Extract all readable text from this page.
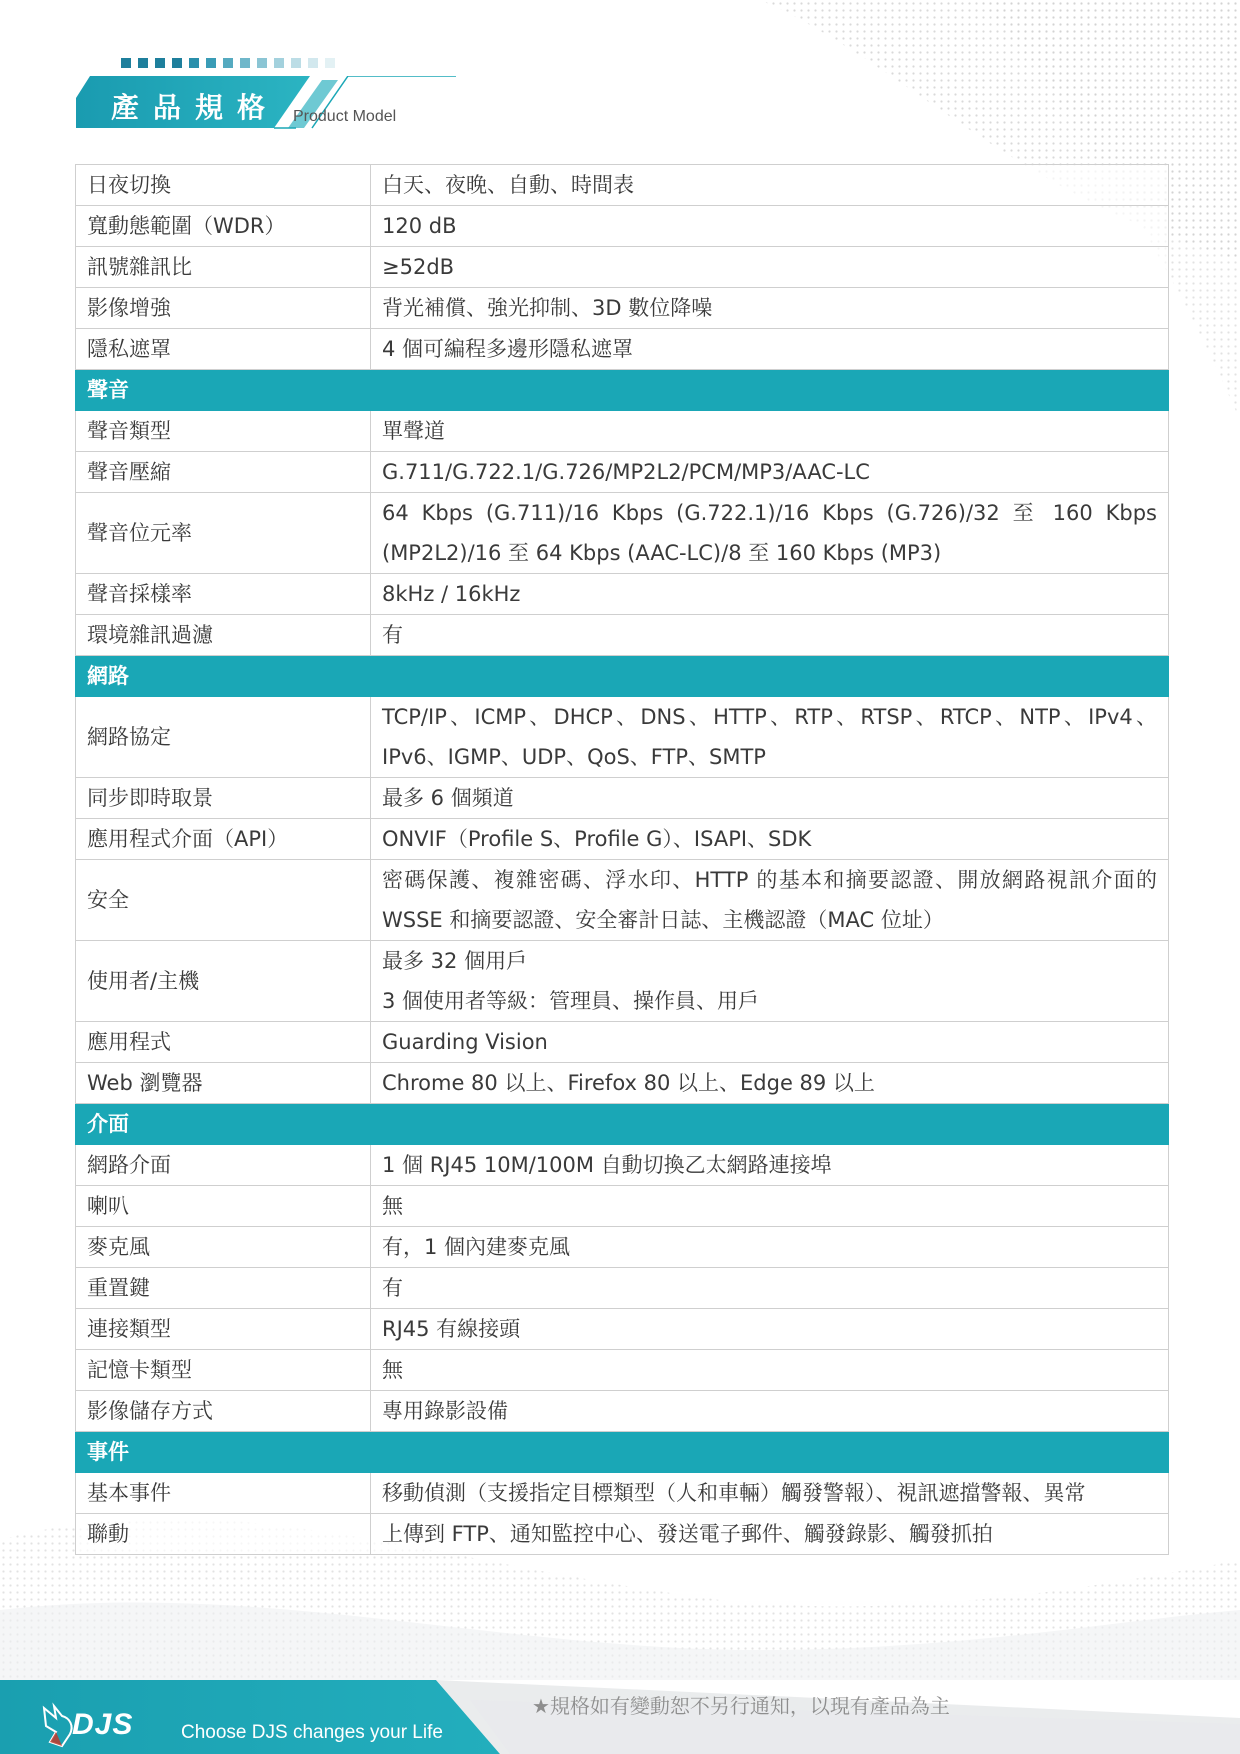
產品規格 Product Model
日夜切換	白天、夜晚、自動、時間表

寬動態範圍（WDR）	120 dB

訊號雜訊比	≥52dB

影像增強	背光補償、強光抑制、3D 數位降噪

隱私遮罩	4 個可編程多邊形隱私遮罩

聲音	
聲音類型	單聲道

聲音壓縮	G.711/G.722.1/G.726/MP2L2/PCM/MP3/AAC-LC

聲音位元率	64 Kbps (G.711)/16 Kbps (G.722.1)/16 Kbps (G.726)/32 至 160 Kbps (MP2L2)/16 至 64 Kbps (AAC-LC)/8 至 160 Kbps (MP3)

聲音採樣率	8kHz / 16kHz

環境雜訊過濾	有

網路	
網路協定	TCP/IP、ICMP、DHCP、DNS、HTTP、RTP、RTSP、RTCP、NTP、IPv4、IPv6、IGMP、UDP、QoS、FTP、SMTP

同步即時取景	最多 6 個頻道

應用程式介面（API）	ONVIF（Profile S、Profile G）、ISAPI、SDK

安全	密碼保護、複雜密碼、浮水印、HTTP 的基本和摘要認證、開放網路視訊介面的 WSSE 和摘要認證、安全審計日誌、主機認證（MAC 位址）

使用者/主機	最多 32 個用戶
3 個使用者等級：管理員、操作員、用戶

應用程式	Guarding Vision

Web 瀏覽器	Chrome 80 以上、Firefox 80 以上、Edge 89 以上

介面	
網路介面	1 個 RJ45 10M/100M 自動切換乙太網路連接埠

喇叭	無

麥克風	有，1 個內建麥克風

重置鍵	有

連接類型	RJ45 有線接頭

記憶卡類型	無

影像儲存方式	專用錄影設備

事件	
基本事件	移動偵測（支援指定目標類型（人和車輛）觸發警報）、視訊遮擋警報、異常

聯動	上傳到 FTP、通知監控中心、發送電子郵件、觸發錄影、觸發抓拍
DJS	Choose DJS changes your Life
★規格如有變動恕不另行通知，以現有產品為主
